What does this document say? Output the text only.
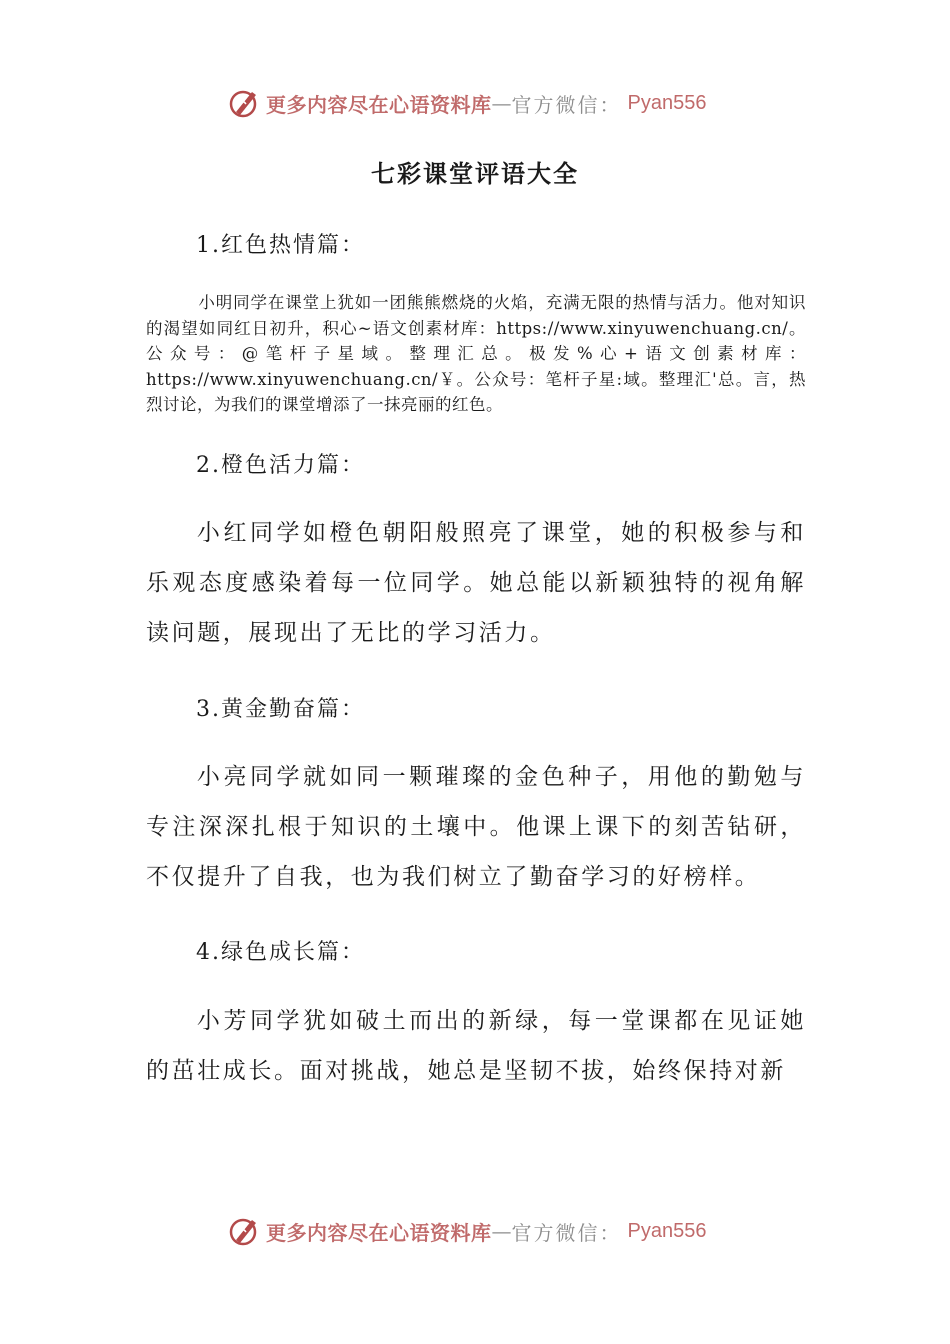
更多内容尽在心语资料库 — 官方微信： Pyan556
七彩课堂评语大全
1.红色热情篇：
小明同学在课堂上犹如一团熊熊燃烧的火焰，充满无限的热情与活力。他对知识的渴望如同红日初升，积心~语文创素材库：https://www.xinyuwenchuang.cn/。公众号：@笔杆子星域。整理汇总。极发%心+语文创素材库：https://www.xinyuwenchuang.cn/￥。公众号：笔杆子星:域。整理汇'总。言，热烈讨论，为我们的课堂增添了一抹亮丽的红色。
2.橙色活力篇：
小红同学如橙色朝阳般照亮了课堂，她的积极参与和乐观态度感染着每一位同学。她总能以新颖独特的视角解读问题，展现出了无比的学习活力。
3.黄金勤奋篇：
小亮同学就如同一颗璀璨的金色种子，用他的勤勉与专注深深扎根于知识的土壤中。他课上课下的刻苦钻研，不仅提升了自我，也为我们树立了勤奋学习的好榜样。
4.绿色成长篇：
小芳同学犹如破土而出的新绿，每一堂课都在见证她的茁壮成长。面对挑战，她总是坚韧不拔，始终保持对新
更多内容尽在心语资料库 — 官方微信： Pyan556
